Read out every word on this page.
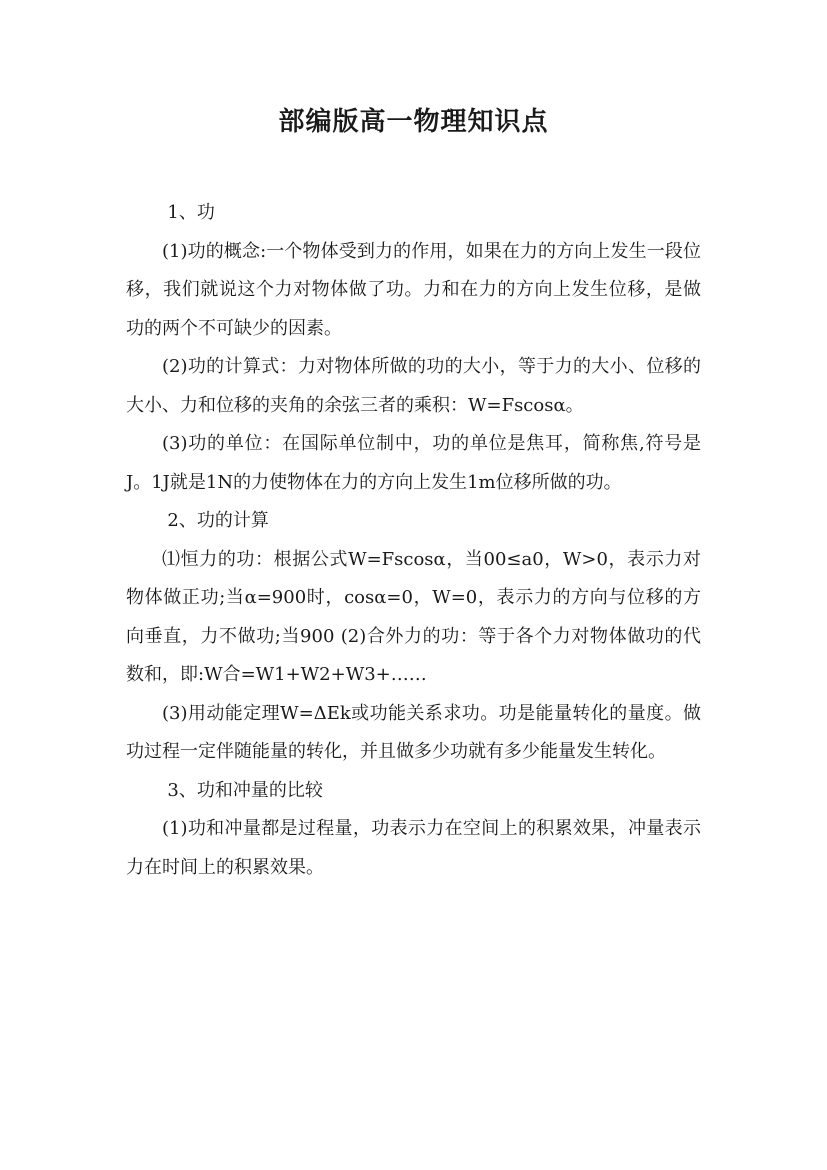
部编版高一物理知识点

1、功

(1)功的概念:一个物体受到力的作用，如果在力的方向上发生一段位移，我们就说这个力对物体做了功。力和在力的方向上发生位移，是做功的两个不可缺少的因素。

(2)功的计算式：力对物体所做的功的大小，等于力的大小、位移的大小、力和位移的夹角的余弦三者的乘积：W=Fscosα。

(3)功的单位：在国际单位制中，功的单位是焦耳，简称焦,符号是J。1J就是1N的力使物体在力的方向上发生1m位移所做的功。

2、功的计算

⑴恒力的功：根据公式W=Fscosα，当00≤a0，W>0，表示力对物体做正功;当α=900时，cosα=0，W=0，表示力的方向与位移的方向垂直，力不做功;当900 (2)合外力的功：等于各个力对物体做功的代数和，即:W合=W1+W2+W3+……

(3)用动能定理W=ΔEk或功能关系求功。功是能量转化的量度。做功过程一定伴随能量的转化，并且做多少功就有多少能量发生转化。

3、功和冲量的比较

(1)功和冲量都是过程量，功表示力在空间上的积累效果，冲量表示力在时间上的积累效果。
